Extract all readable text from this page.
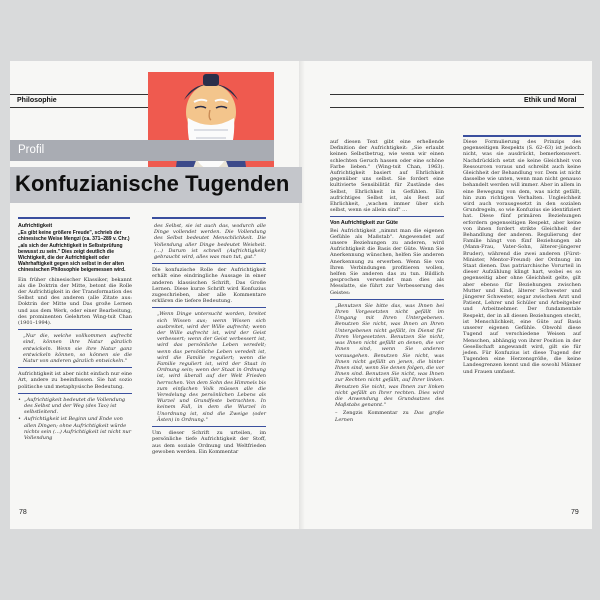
Philosophie
Profil
Konfuzianische Tugenden
Aufrichtigkeit
„Es gibt keine größere Freude", schrieb der chinesische Weise Mengzi (ca. 371–289 v. Chr.) „als sich der Aufrichtigkeit in Selbstprüfung bewusst zu sein." Dies zeigt deutlich die Wichtigkeit, die der Aufrichtigkeit oder Wahrhaftigkeit gegen sich selbst in der alten chinesischen Philosophie beigemessen wird.

Ein früher chinesischer Klassiker, bekannt als die Doktrin der Mitte, betont die Rolle der Aufrichtigkeit in der Transformation des Selbst und des anderen (alle Zitate aus: Doktrin der Mitte und Das große Lernen und aus dem Werk, oder einer Bearbeitung, des prominenten Gelehrten Wing-tsit Chan (1901–1994).

„Nur die, welche vollkommen aufrecht sind, können ihre Natur gänzlich entwickeln. Wenn sie ihre Natur ganz entwickeln können, so können sie die Natur von anderen gänzlich entwickeln."

Aufrichtigkeit ist aber nicht einfach nur eine Art, andere zu beeinflussen. Sie hat sozio politische und metaphysische Bedeutung.

• „Aufrichtigkeit bedeutet die Vollendung des Selbst und der Weg (des Tao) ist selbstleitend.
• Aufrichtigkeit ist Beginn und Ende von allen Dingen; ohne Aufrichtigkeit würde nichts sein (…) Aufrichtigkeit ist nicht nur Vollendung

des Selbst, sie ist auch das, wodurch alle Dinge vollendet werden. Die Vollendung des Selbst bedeutet Menschlichkeit. Die Vollendung aller Dinge bedeutet Weisheit. (…) Darum ist schnell (Aufrichtigkeit) gebraucht wird, alles was man tut, gut."

Die konfuzische Rolle der Aufrichtigkeit erhält eine eindringliche Aussage in einer anderen klassischen Schrift, Das Große Lernen. Diese kurze Schrift wird Konfuzius zugeschrieben, aber alle Kommentare erklären die tiefere Bedeutung.

„Wenn Dinge untersucht worden, breitet sich Wissen aus; wenn Wissen sich ausbreitet, wird der Wille aufrecht; wenn der Wille aufrecht ist, wird der Geist verbessert; wenn der Geist verbessert ist, wird das persönliche Leben veredelt; wenn das persönliche Leben veredelt ist, wird die Familie reguliert; wenn die Familie reguliert ist, wird der Staat in Ordnung sein; wenn der Staat in Ordnung ist, wird überall auf der Welt Frieden herrschen. Von dem Sohn des Himmels bis zum einfachen Volk müssen alle die Veredelung des persönlichen Lebens als Wurzel und Grundfeste betrachten. In keinem Fall, in dem die Wurzel in Unordnung ist, sind die Zweige (oder Ästen) in Ordnung."

Um dieser Schrift zu urteilen, im persönliche tiefe Aufrichtigkeit der Stoff, aus dem soziale Ordnung und Weltfrieden gewoben werden. Ein Kommentar

Ethik und Moral

auf diesen Text gibt eine erhellende Definition der Aufrichtigkeit: „Sie erlaubt keinen Selbstbetrug, wie wenn wir einen schlechten Geruch hassen oder eine schöne Farbe lieben." (Wing-tsit Chan, 1963). Aufrichtigkeit basiert auf Ehrlichkeit gegenüber uns selbst. Sie fordert eine kultivierte Sensibilität für Zustände des Selbst, Ehrlichkeit in Gefühlen. Ein aufrichtiges Selbst ist, als Rest auf Ehrlichkeit, „wachen immer über sich selbst, wenn sie allein sind" …

Von Aufrichtigkeit zur Güte

Bei Aufrichtigkeit „nimmt man die eigenen Gefühle als Maßstab". Angewendet auf unsere Beziehungen zu anderen, wird Aufrichtigkeit die Basis der Güte. Wenn Sie Anerkennung wünschen, helfen Sie anderen Anerkennung zu erwerben. Wenn Sie von Ihren Verbindungen profitieren wollen, helfen Sie anderen das zu tun. Bildlich gesprochen verwendet man dies als Messlatte, sie führt zur Verbesserung des Geistes:

„Benutzen Sie bitte das, was Ihnen bei Ihren Vorgesetzten nicht gefällt im Umgang mit Ihren Untergebenen. Benutzen Sie nicht, was Ihnen an Ihren Untergebenen nicht gefällt, im Dienst für Ihren Vorgesetzten. Benutzen Sie nicht, was Ihnen nicht gefällt an denen, die vor Ihnen sind, wenn Sie anderen vorausgehen. Benutzen Sie nicht, was Ihnen nicht gefällt an jenen, die hinter Ihnen sind, wenn Sie denen folgen, die vor Ihnen sind. Benutzen Sie nicht, was Ihnen zur Rechten nicht gefällt, auf Ihrer linken. Benutzen Sie nicht, was Ihnen zur linken nicht gefällt an Ihrer rechten. Dies wird die Anwendung des Grundsatzes des Maßstabs genannt."

– Zengzis Kommentar zu Das große Lernen

Diese Formulierung des Prinzips des gegenseitigen Respekts (S. 62–63) ist jedoch nicht, was sie ausdrückt, bemerkenswert. Nachdrücklich setzt sie keine Gleichheit von Ressourcen voraus und schreibt auch keine Gleichheit der Behandlung vor. Dem ist nicht dasselbe wie unten, wenn man nicht genauso behandelt werden will immer. Aber in allem in eine Bewegung von dem, was nicht gefällt, hin zum richtigen Verhalten. Ungleichheit wird auch vorausgesetzt in den sozialen Grundregeln, so wie Konfuzius sie identifiziert hat. Diese fünf primären Beziehungen erfordern gegenseitigen Respekt, aber keine von ihnen fordert strikte Gleichheit der Behandlung der anderen. Regulierung der Familie hängt von fünf Beziehungen ab (Mann-Frau, Vater-Sohn, älterer-jüngerer Bruder), während die zwei anderen (Fürst-Minister, Mentor-Freund) der Ordnung im Staat dienen. Das patriarchische Vorurteil in dieser Aufzählung klingt hart, wobei es so gegenseitig aber ohne Gleichheit gelte, gilt aber ebenso für Beziehungen zwischen Mutter und Kind, älterer Schwester und jüngerer Schwester, sogar zwischen Arzt und Patient, Lehrer und Schüler und Arbeitgeber und Arbeitnehmer. Der fundamentale Respekt, der in all diesen Beziehungen steckt, ist Menschlichkeit, eine Güte auf Basis unserer eigenen Gefühle. Obwohl diese Tugend auf verschiedene Weisen auf Menschen, abhängig von ihrer Position in der Gesellschaft angewandt wird, gilt sie für jeden. Für Konfuzius ist diese Tugend der Tugenden eine Herzensgröße, die keine Landesgrenzen kennt und die sowohl Männer und Frauen umfasst.

78	79
